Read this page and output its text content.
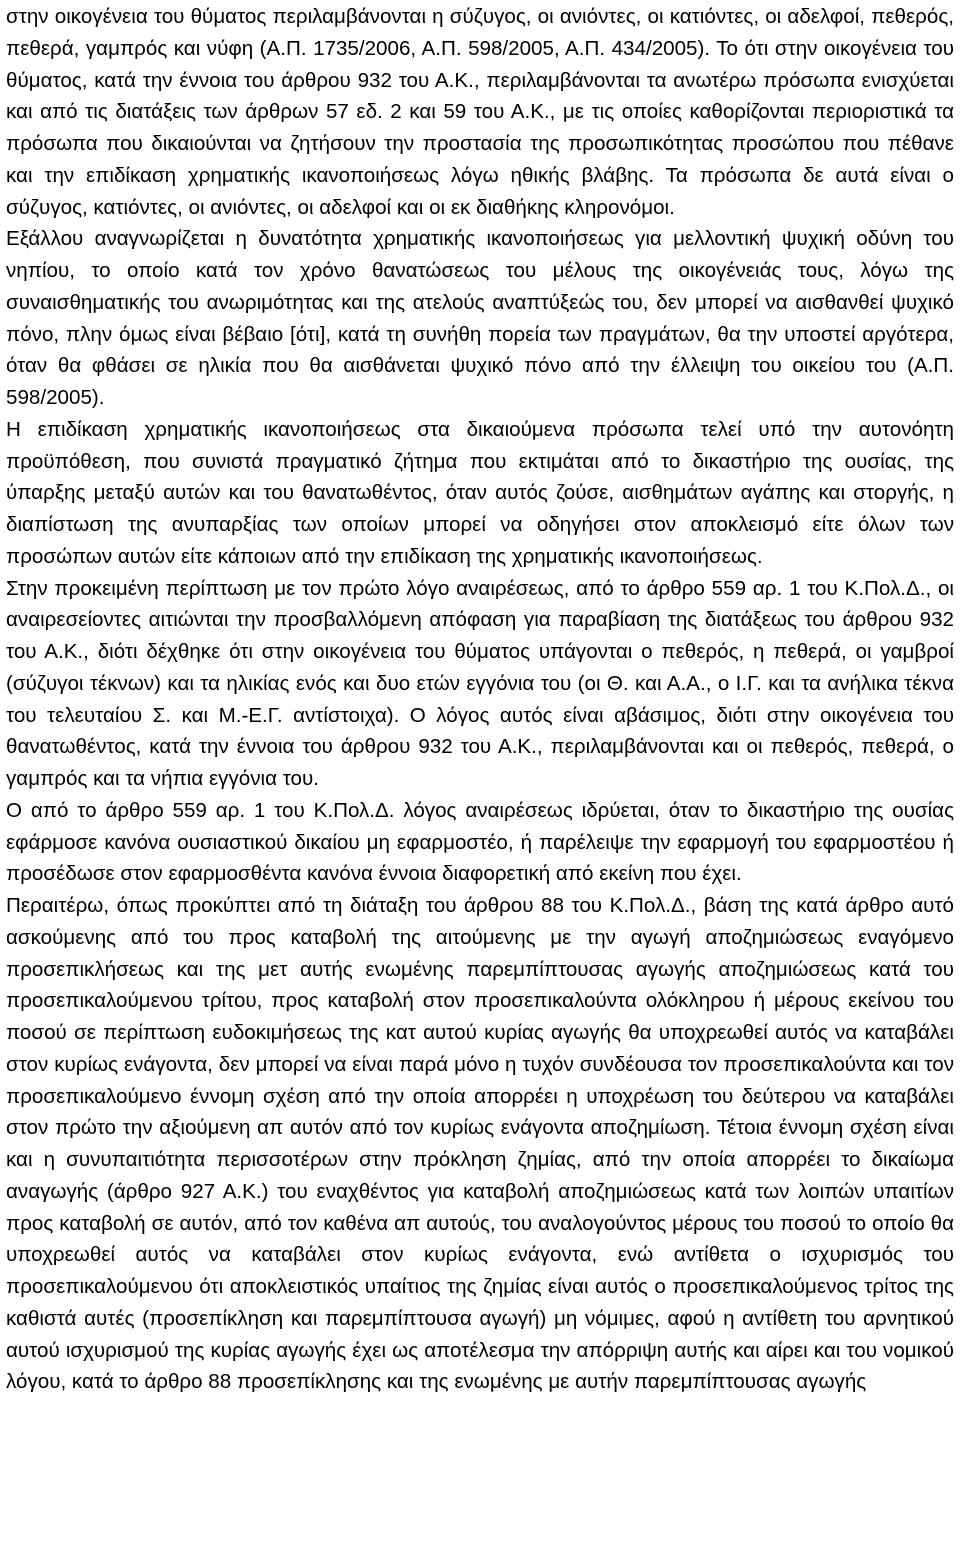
στην οικογένεια του θύματος περιλαμβάνονται η σύζυγος, οι ανιόντες, οι κατιόντες, οι αδελφοί, πεθερός, πεθερά, γαμπρός και νύφη (Α.Π. 1735/2006, Α.Π. 598/2005, Α.Π. 434/2005). Το ότι στην οικογένεια του θύματος, κατά την έννοια του άρθρου 932 του Α.Κ., περιλαμβάνονται τα ανωτέρω πρόσωπα ενισχύεται και από τις διατάξεις των άρθρων 57 εδ. 2 και 59 του Α.Κ., με τις οποίες καθορίζονται περιοριστικά τα πρόσωπα που δικαιούνται να ζητήσουν την προστασία της προσωπικότητας προσώπου που πέθανε και την επιδίκαση χρηματικής ικανοποιήσεως λόγω ηθικής βλάβης. Τα πρόσωπα δε αυτά είναι ο σύζυγος, κατιόντες, οι ανιόντες, οι αδελφοί και οι εκ διαθήκης κληρονόμοι.

Εξάλλου αναγνωρίζεται η δυνατότητα χρηματικής ικανοποιήσεως για μελλοντική ψυχική οδύνη του νηπίου, το οποίο κατά τον χρόνο θανατώσεως του μέλους της οικογένειάς τους, λόγω της συναισθηματικής του ανωριμότητας και της ατελούς αναπτύξεώς του, δεν μπορεί να αισθανθεί ψυχικό πόνο, πλην όμως είναι βέβαιο [ότι], κατά τη συνήθη πορεία των πραγμάτων, θα την υποστεί αργότερα, όταν θα φθάσει σε ηλικία που θα αισθάνεται ψυχικό πόνο από την έλλειψη του οικείου του (Α.Π. 598/2005).

Η επιδίκαση χρηματικής ικανοποιήσεως στα δικαιούμενα πρόσωπα τελεί υπό την αυτονόητη προϋπόθεση, που συνιστά πραγματικό ζήτημα που εκτιμάται από το δικαστήριο της ουσίας, της ύπαρξης μεταξύ αυτών και του θανατωθέντος, όταν αυτός ζούσε, αισθημάτων αγάπης και στοργής, η διαπίστωση της ανυπαρξίας των οποίων μπορεί να οδηγήσει στον αποκλεισμό είτε όλων των προσώπων αυτών είτε κάποιων από την επιδίκαση της χρηματικής ικανοποιήσεως.

Στην προκειμένη περίπτωση με τον πρώτο λόγο αναιρέσεως, από το άρθρο 559 αρ. 1 του Κ.Πολ.Δ., οι αναιρεσείοντες αιτιώνται την προσβαλλόμενη απόφαση για παραβίαση της διατάξεως του άρθρου 932 του Α.Κ., διότι δέχθηκε ότι στην οικογένεια του θύματος υπάγονται ο πεθερός, η πεθερά, οι γαμβροί (σύζυγοι τέκνων) και τα ηλικίας ενός και δυο ετών εγγόνια του (οι Θ. και Α.Α., ο Ι.Γ. και τα ανήλικα τέκνα του τελευταίου Σ. και Μ.-Ε.Γ. αντίστοιχα). Ο λόγος αυτός είναι αβάσιμος, διότι στην οικογένεια του θανατωθέντος, κατά την έννοια του άρθρου 932 του Α.Κ., περιλαμβάνονται και οι πεθερός, πεθερά, ο γαμπρός και τα νήπια εγγόνια του.

Ο από το άρθρο 559 αρ. 1 του Κ.Πολ.Δ. λόγος αναιρέσεως ιδρύεται, όταν το δικαστήριο της ουσίας εφάρμοσε κανόνα ουσιαστικού δικαίου μη εφαρμοστέο, ή παρέλειψε την εφαρμογή του εφαρμοστέου ή προσέδωσε στον εφαρμοσθέντα κανόνα έννοια διαφορετική από εκείνη που έχει.

Περαιτέρω, όπως προκύπτει από τη διάταξη του άρθρου 88 του Κ.Πολ.Δ., βάση της κατά άρθρο αυτό ασκούμενης από του προς καταβολή της αιτούμενης με την αγωγή αποζημιώσεως εναγόμενο προσεπικλήσεως και της μετ αυτής ενωμένης παρεμπίπτουσας αγωγής αποζημιώσεως κατά του προσεπικαλούμενου τρίτου, προς καταβολή στον προσεπικαλούντα ολόκληρου ή μέρους εκείνου του ποσού σε περίπτωση ευδοκιμήσεως της κατ αυτού κυρίας αγωγής θα υποχρεωθεί αυτός να καταβάλει στον κυρίως ενάγοντα, δεν μπορεί να είναι παρά μόνο η τυχόν συνδέουσα τον προσεπικαλούντα και τον προσεπικαλούμενο έννομη σχέση από την οποία απορρέει η υποχρέωση του δεύτερου να καταβάλει στον πρώτο την αξιούμενη απ αυτόν από τον κυρίως ενάγοντα αποζημίωση. Τέτοια έννομη σχέση είναι και η συνυπαιτιότητα περισσοτέρων στην πρόκληση ζημίας, από την οποία απορρέει το δικαίωμα αναγωγής (άρθρο 927 Α.Κ.) του εναχθέντος για καταβολή αποζημιώσεως κατά των λοιπών υπαιτίων προς καταβολή σε αυτόν, από τον καθένα απ αυτούς, του αναλογούντος μέρους του ποσού το οποίο θα υποχρεωθεί αυτός να καταβάλει στον κυρίως ενάγοντα, ενώ αντίθετα ο ισχυρισμός του προσεπικαλούμενου ότι αποκλειστικός υπαίτιος της ζημίας είναι αυτός ο προσεπικαλούμενος τρίτος της καθιστά αυτές (προσεπίκληση και παρεμπίπτουσα αγωγή) μη νόμιμες, αφού η αντίθετη του αρνητικού αυτού ισχυρισμού της κυρίας αγωγής έχει ως αποτέλεσμα την απόρριψη αυτής και αίρει και του νομικού λόγου, κατά το άρθρο 88 προσεπίκλησης και της ενωμένης με αυτήν παρεμπίπτουσας αγωγής
